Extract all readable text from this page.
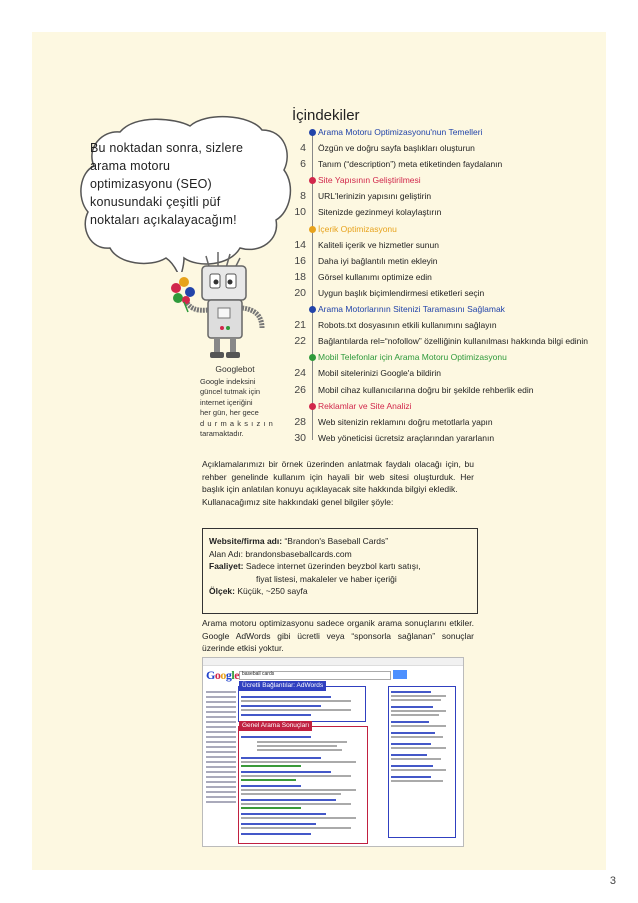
Bu noktadan sonra, sizlere
arama motoru
optimizasyonu (SEO)
konusundaki çeşitli püf
noktaları açıkalayacağım!
Googlebot
Google indeksini
güncel tutmak için
internet içeriğini
her gün, her gece
durmaksızın
taramaktadır.
İçindekiler
Arama Motoru Optimizasyonu'nun Temelleri
4 Özgün ve doğru sayfa başlıkları oluşturun
6 Tanım (“description”) meta etiketinden faydalanın
Site Yapısının Geliştirilmesi
8 URL'lerinizin yapısını geliştirin
10 Sitenizde gezinmeyi kolaylaştırın
İçerik Optimizasyonu
14 Kaliteli içerik ve hizmetler sunun
16 Daha iyi bağlantılı metin ekleyin
18 Görsel kullanımı optimize edin
20 Uygun başlık biçimlendirmesi etiketleri seçin
Arama Motorlarının Sitenizi Taramasını Sağlamak
21 Robots.txt dosyasının etkili kullanımını sağlayın
22 Bağlantılarda rel=“nofollow” özelliğinin kullanılması hakkında bilgi edinin
Mobil Telefonlar için Arama Motoru Optimizasyonu
24 Mobil sitelerinizi Google'a bildirin
26 Mobil cihaz kullanıcılarına doğru bir şekilde rehberlik edin
Reklamlar ve Site Analizi
28 Web sitenizin reklamını doğru metotlarla yapın
30 Web yöneticisi ücretsiz araçlarından yararlanın
Açıklamalarımızı bir örnek üzerinden anlatmak faydalı olacağı için, bu rehber genelinde kullanım için hayali bir web sitesi oluşturduk. Her başlık için anlatılan konuyu açıklayacak site hakkında bilgiyi ekledik.
Kullanacağımız site hakkındaki genel bilgiler şöyle:
Website/firma adı: “Brandon's Baseball Cards”
Alan Adı: brandonsbaseballcards.com
Faaliyet: Sadece internet üzerinden beyzbol kartı satışı,
fiyat listesi, makaleler ve haber içeriği
Ölçek: Küçük, ~250 sayfa
Arama motoru optimizasyonu sadece organik arama sonuçlarını etkiler. Google AdWords gibi ücretli veya “sponsorla sağlanan” sonuçlar üzerinde etkisi yoktur.
Google baseball cards
Ücretli Bağlantılar: AdWords
Genel Arama Sonuçları
3
